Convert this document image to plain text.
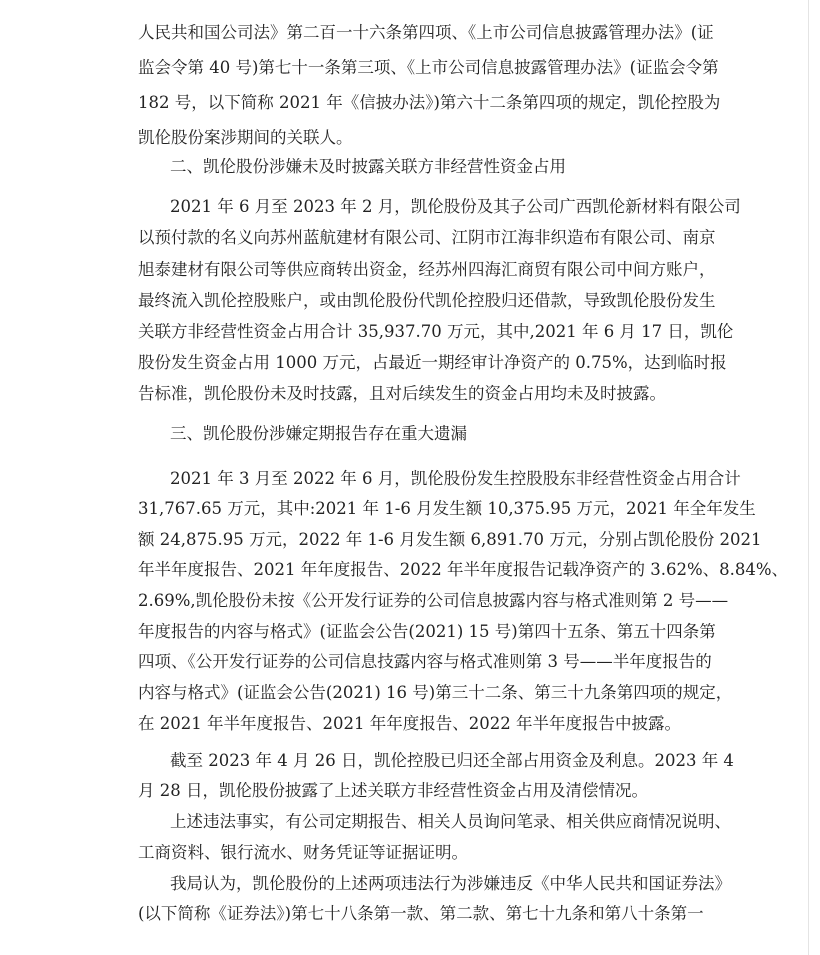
人民共和国公司法》第二百一十六条第四项、《上市公司信息披露管理办法》(证
监会令第 40 号)第七十一条第三项、《上市公司信息披露管理办法》(证监会令第
182 号，以下简称 2021 年《信披办法》)第六十二条第四项的规定，凯伦控股为
凯伦股份案涉期间的关联人。
二、凯伦股份涉嫌未及时披露关联方非经营性资金占用
2021 年 6 月至 2023 年 2 月，凯伦股份及其子公司广西凯伦新材料有限公司
以预付款的名义向苏州蓝航建材有限公司、江阴市江海非织造布有限公司、南京
旭泰建材有限公司等供应商转出资金，经苏州四海汇商贸有限公司中间方账户，
最终流入凯伦控股账户，或由凯伦股份代凯伦控股归还借款，导致凯伦股份发生
关联方非经营性资金占用合计 35,937.70 万元，其中,2021 年 6 月 17 日，凯伦
股份发生资金占用 1000 万元，占最近一期经审计净资产的 0.75%，达到临时报
告标准，凯伦股份未及时技露，且对后续发生的资金占用均未及时披露。
三、凯伦股份涉嫌定期报告存在重大遗漏
2021 年 3 月至 2022 年 6 月，凯伦股份发生控股股东非经营性资金占用合计
31,767.65 万元，其中:2021 年 1-6 月发生额 10,375.95 万元，2021 年全年发生
额 24,875.95 万元，2022 年 1-6 月发生额 6,891.70 万元，分别占凯伦股份 2021
年半年度报告、2021 年年度报告、2022 年半年度报告记载净资产的 3.62%、8.84%、
2.69%,凯伦股份未按《公开发行证券的公司信息披露内容与格式准则第 2 号——
年度报告的内容与格式》(证监会公告(2021) 15 号)第四十五条、第五十四条第
四项、《公开发行证券的公司信息技露内容与格式准则第 3 号——半年度报告的
内容与格式》(证监会公告(2021) 16 号)第三十二条、第三十九条第四项的规定，
在 2021 年半年度报告、2021 年年度报告、2022 年半年度报告中披露。
截至 2023 年 4 月 26 日，凯伦控股已归还全部占用资金及利息。2023 年 4
月 28 日，凯伦股份披露了上述关联方非经营性资金占用及清偿情况。
上述违法事实，有公司定期报告、相关人员询问笔录、相关供应商情况说明、
工商资料、银行流水、财务凭证等证据证明。
我局认为，凯伦股份的上述两项违法行为涉嫌违反《中华人民共和国证券法》
(以下简称《证券法》)第七十八条第一款、第二款、第七十九条和第八十条第一
